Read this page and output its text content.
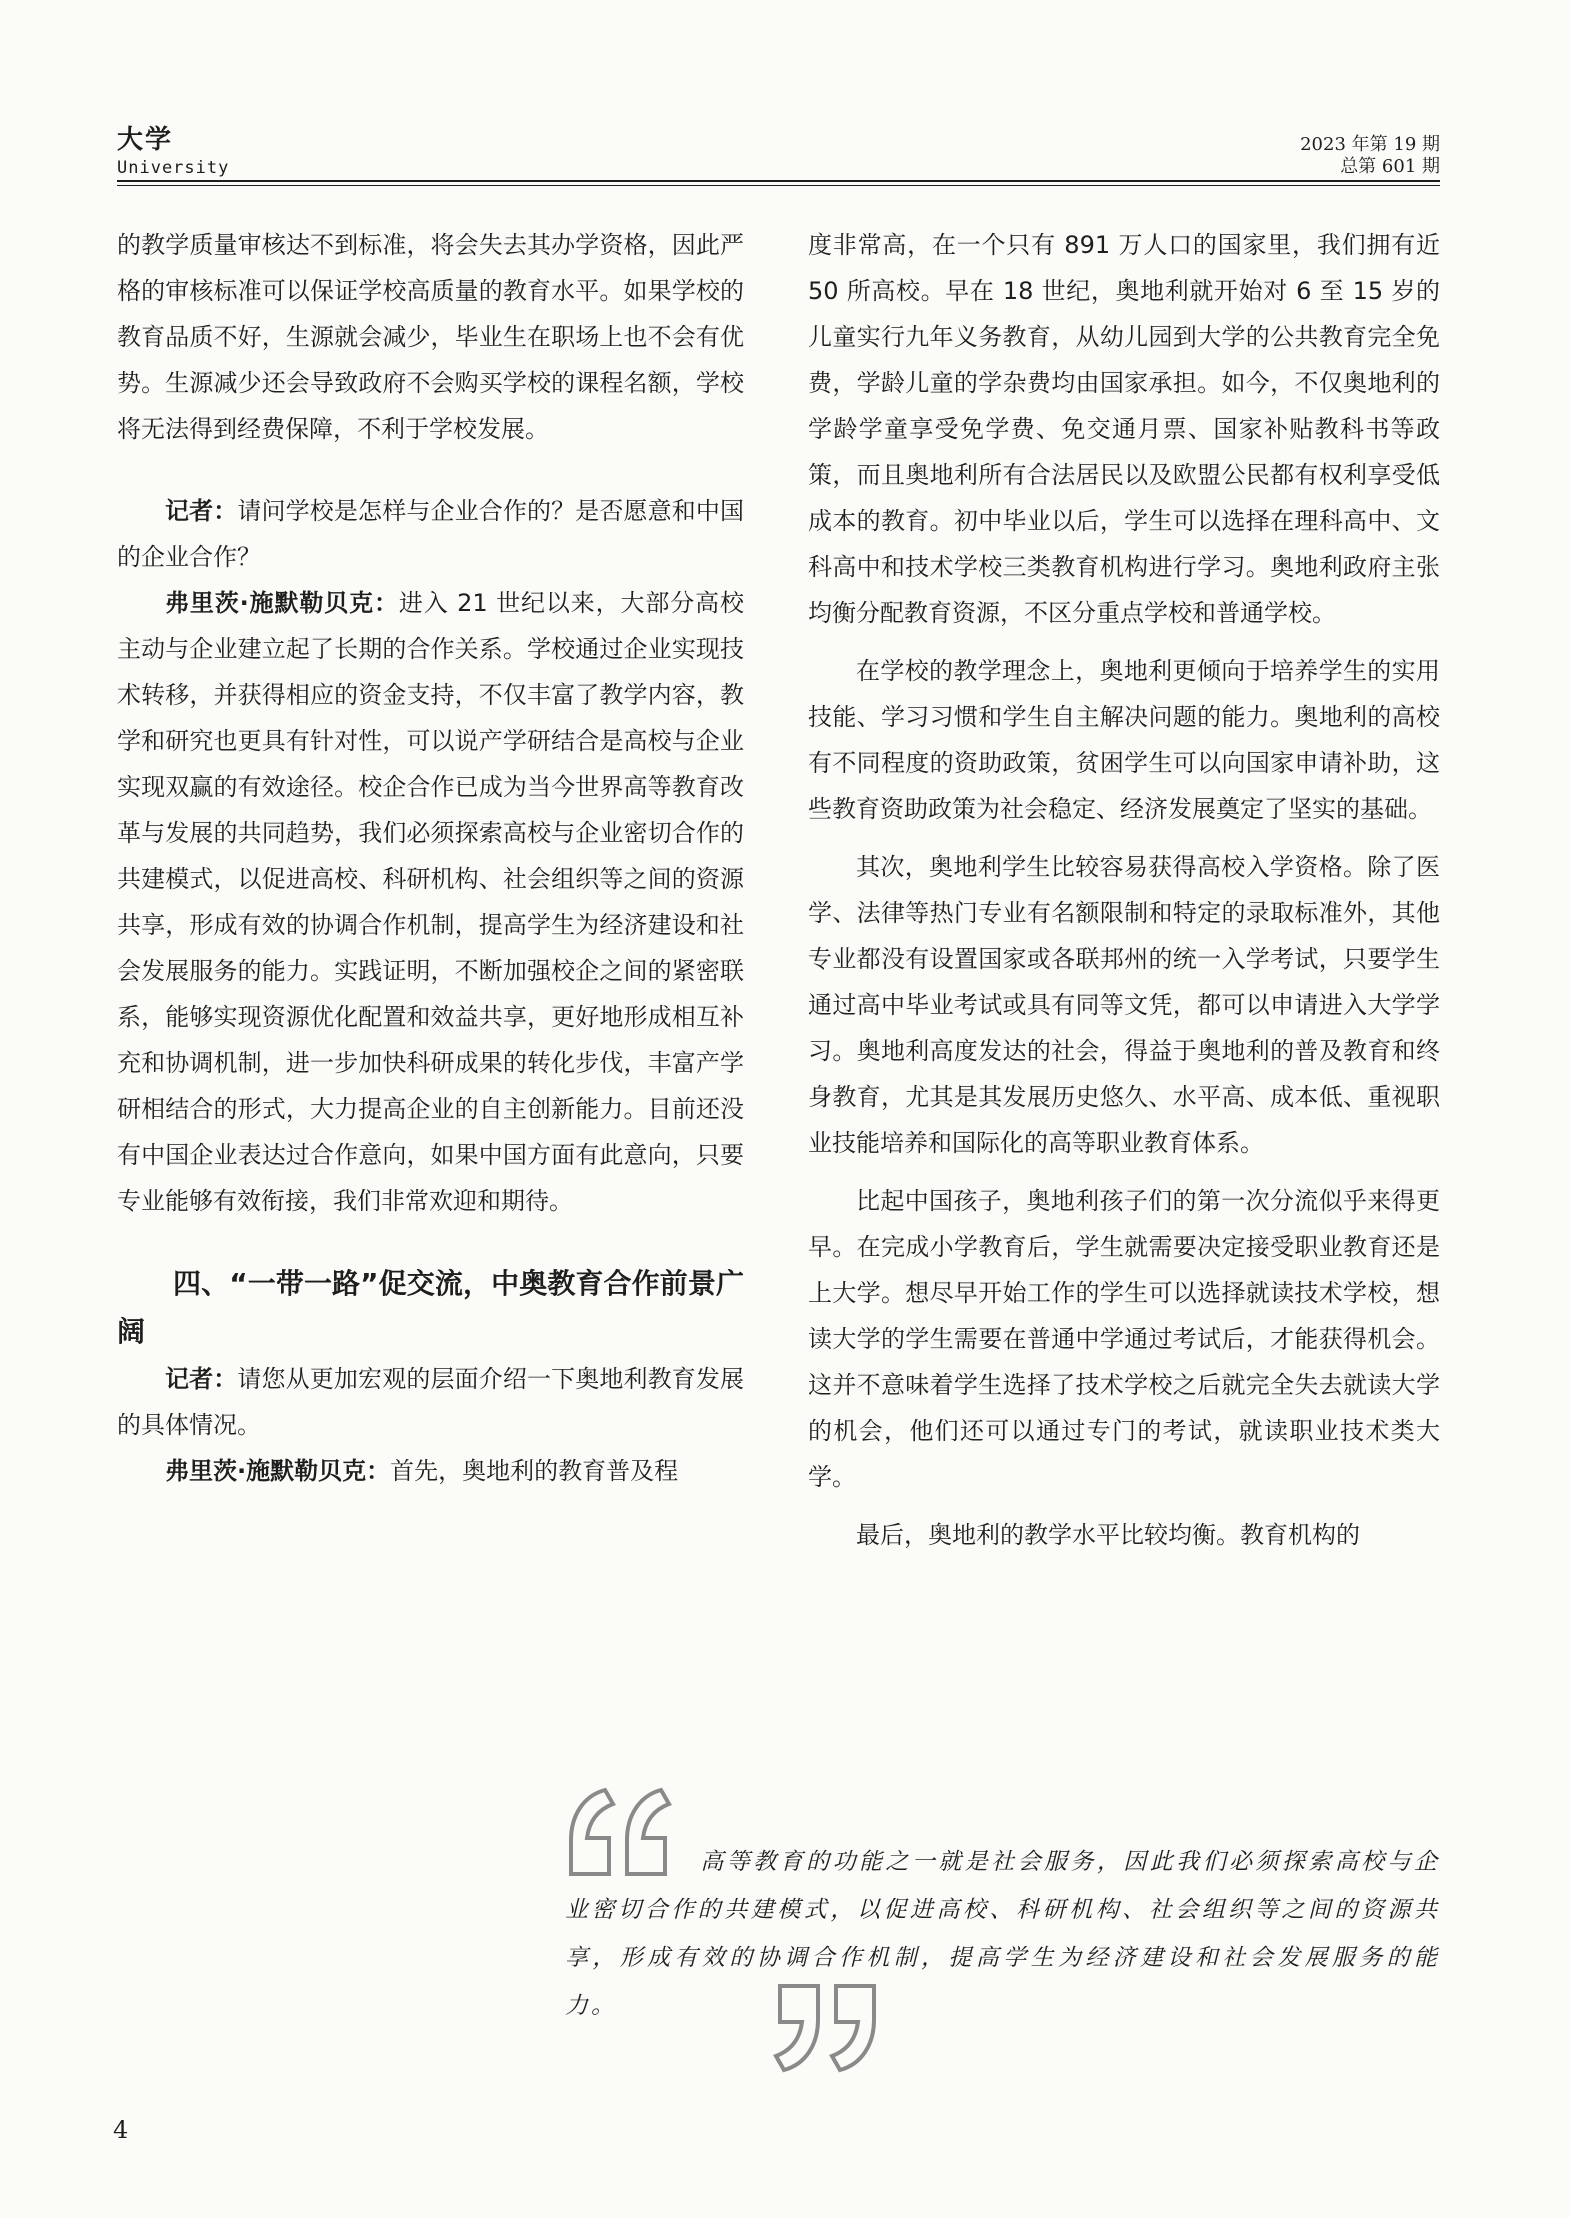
大学
University
2023 年第 19 期
总第 601 期

的教学质量审核达不到标准，将会失去其办学资格，因此严格的审核标准可以保证学校高质量的教育水平。如果学校的教育品质不好，生源就会减少，毕业生在职场上也不会有优势。生源减少还会导致政府不会购买学校的课程名额，学校将无法得到经费保障，不利于学校发展。

记者：请问学校是怎样与企业合作的？是否愿意和中国的企业合作？

弗里茨·施默勒贝克：进入 21 世纪以来，大部分高校主动与企业建立起了长期的合作关系。学校通过企业实现技术转移，并获得相应的资金支持，不仅丰富了教学内容，教学和研究也更具有针对性，可以说产学研结合是高校与企业实现双赢的有效途径。校企合作已成为当今世界高等教育改革与发展的共同趋势，我们必须探索高校与企业密切合作的共建模式，以促进高校、科研机构、社会组织等之间的资源共享，形成有效的协调合作机制，提高学生为经济建设和社会发展服务的能力。实践证明，不断加强校企之间的紧密联系，能够实现资源优化配置和效益共享，更好地形成相互补充和协调机制，进一步加快科研成果的转化步伐，丰富产学研相结合的形式，大力提高企业的自主创新能力。目前还没有中国企业表达过合作意向，如果中国方面有此意向，只要专业能够有效衔接，我们非常欢迎和期待。

四、“一带一路”促交流，中奥教育合作前景广阔

记者：请您从更加宏观的层面介绍一下奥地利教育发展的具体情况。

弗里茨·施默勒贝克：首先，奥地利的教育普及程

度非常高，在一个只有 891 万人口的国家里，我们拥有近 50 所高校。早在 18 世纪，奥地利就开始对 6 至 15 岁的儿童实行九年义务教育，从幼儿园到大学的公共教育完全免费，学龄儿童的学杂费均由国家承担。如今，不仅奥地利的学龄学童享受免学费、免交通月票、国家补贴教科书等政策，而且奥地利所有合法居民以及欧盟公民都有权利享受低成本的教育。初中毕业以后，学生可以选择在理科高中、文科高中和技术学校三类教育机构进行学习。奥地利政府主张均衡分配教育资源，不区分重点学校和普通学校。

在学校的教学理念上，奥地利更倾向于培养学生的实用技能、学习习惯和学生自主解决问题的能力。奥地利的高校有不同程度的资助政策，贫困学生可以向国家申请补助，这些教育资助政策为社会稳定、经济发展奠定了坚实的基础。

其次，奥地利学生比较容易获得高校入学资格。除了医学、法律等热门专业有名额限制和特定的录取标准外，其他专业都没有设置国家或各联邦州的统一入学考试，只要学生通过高中毕业考试或具有同等文凭，都可以申请进入大学学习。奥地利高度发达的社会，得益于奥地利的普及教育和终身教育，尤其是其发展历史悠久、水平高、成本低、重视职业技能培养和国际化的高等职业教育体系。

比起中国孩子，奥地利孩子们的第一次分流似乎来得更早。在完成小学教育后，学生就需要决定接受职业教育还是上大学。想尽早开始工作的学生可以选择就读技术学校，想读大学的学生需要在普通中学通过考试后，才能获得机会。这并不意味着学生选择了技术学校之后就完全失去就读大学的机会，他们还可以通过专门的考试，就读职业技术类大学。

最后，奥地利的教学水平比较均衡。教育机构的

高等教育的功能之一就是社会服务，因此我们必须探索高校与企业密切合作的共建模式，以促进高校、科研机构、社会组织等之间的资源共享，形成有效的协调合作机制，提高学生为经济建设和社会发展服务的能力。
4
